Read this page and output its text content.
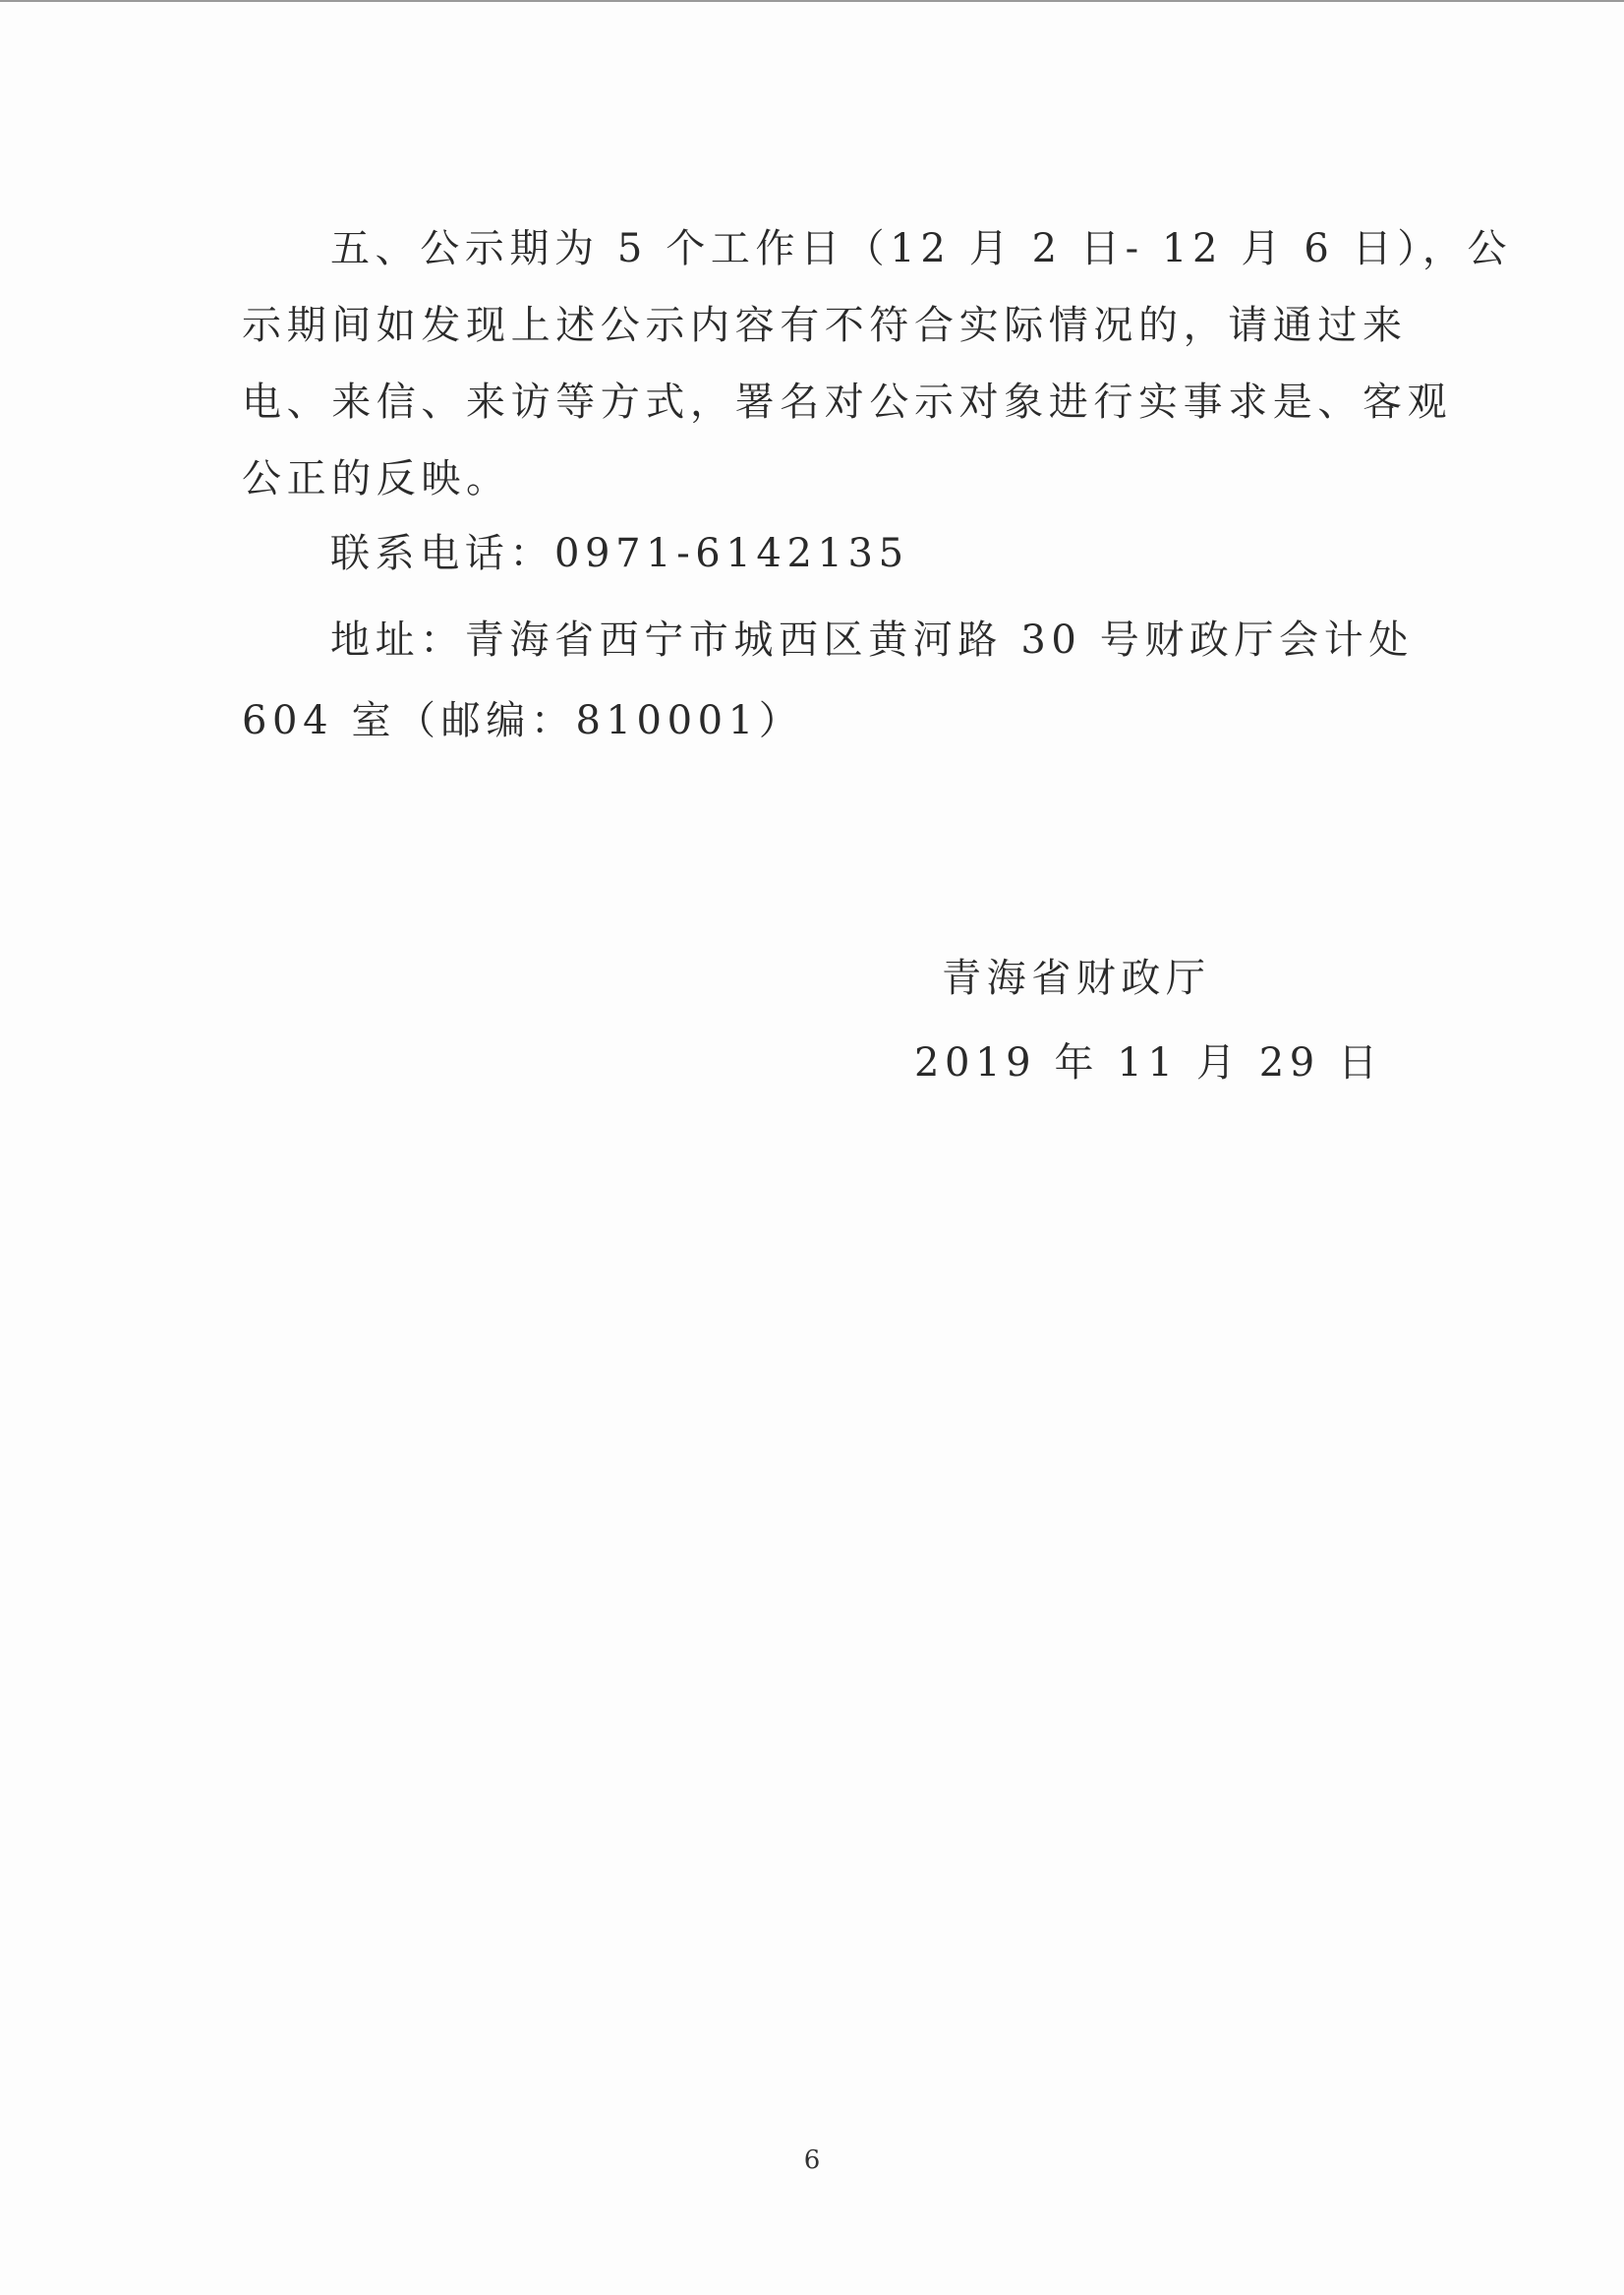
五、公示期为 5 个工作日（12 月 2 日- 12 月 6 日），公
示期间如发现上述公示内容有不符合实际情况的，请通过来
电、来信、来访等方式，署名对公示对象进行实事求是、客观
公正的反映。
联系电话：0971-6142135
地址：青海省西宁市城西区黄河路 30 号财政厅会计处
604 室（邮编：810001）
青海省财政厅
2019 年 11 月 29 日
6
